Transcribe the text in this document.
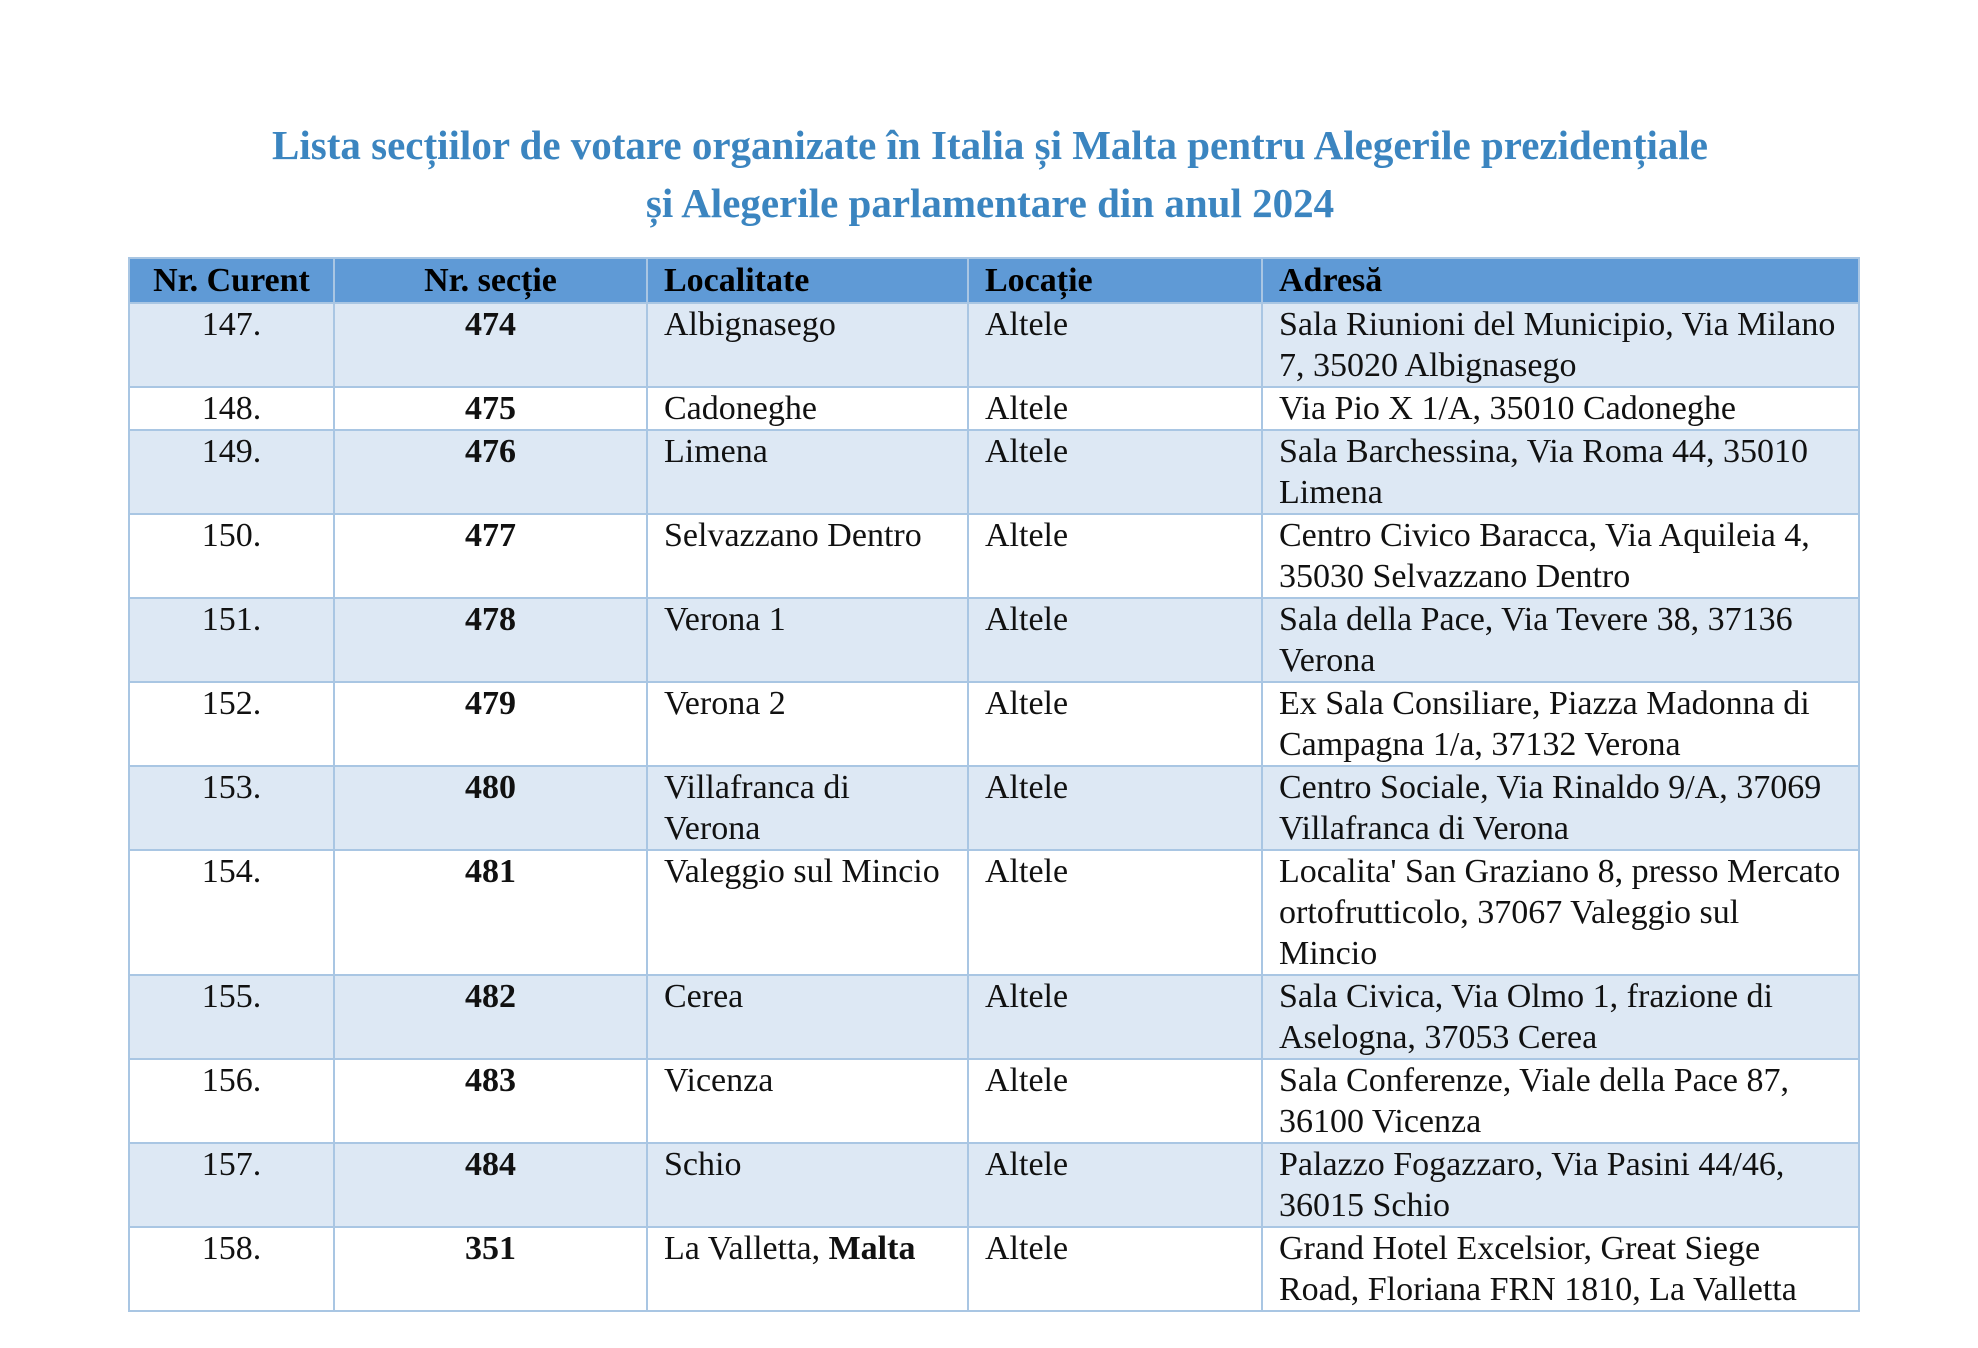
Lista secțiilor de votare organizate în Italia și Malta pentru Alegerile prezidențiale
și Alegerile parlamentare din anul 2024
Nr. Curent	Nr. secție	Localitate	Locație	Adresă
147.	474	Albignasego	Altele	Sala Riunioni del Municipio, Via Milano 7, 35020 Albignasego
148.	475	Cadoneghe	Altele	Via Pio X 1/A, 35010 Cadoneghe
149.	476	Limena	Altele	Sala Barchessina, Via Roma 44, 35010 Limena
150.	477	Selvazzano Dentro	Altele	Centro Civico Baracca, Via Aquileia 4, 35030 Selvazzano Dentro
151.	478	Verona 1	Altele	Sala della Pace, Via Tevere 38, 37136 Verona
152.	479	Verona 2	Altele	Ex Sala Consiliare, Piazza Madonna di Campagna 1/a, 37132 Verona
153.	480	Villafranca di Verona	Altele	Centro Sociale, Via Rinaldo 9/A, 37069 Villafranca di Verona
154.	481	Valeggio sul Mincio	Altele	Localita' San Graziano 8, presso Mercato ortofrutticolo, 37067 Valeggio sul Mincio
155.	482	Cerea	Altele	Sala Civica, Via Olmo 1, frazione di Aselogna, 37053 Cerea
156.	483	Vicenza	Altele	Sala Conferenze, Viale della Pace 87, 36100 Vicenza
157.	484	Schio	Altele	Palazzo Fogazzaro, Via Pasini 44/46, 36015 Schio
158.	351	La Valletta, Malta	Altele	Grand Hotel Excelsior, Great Siege Road, Floriana FRN 1810, La Valletta
